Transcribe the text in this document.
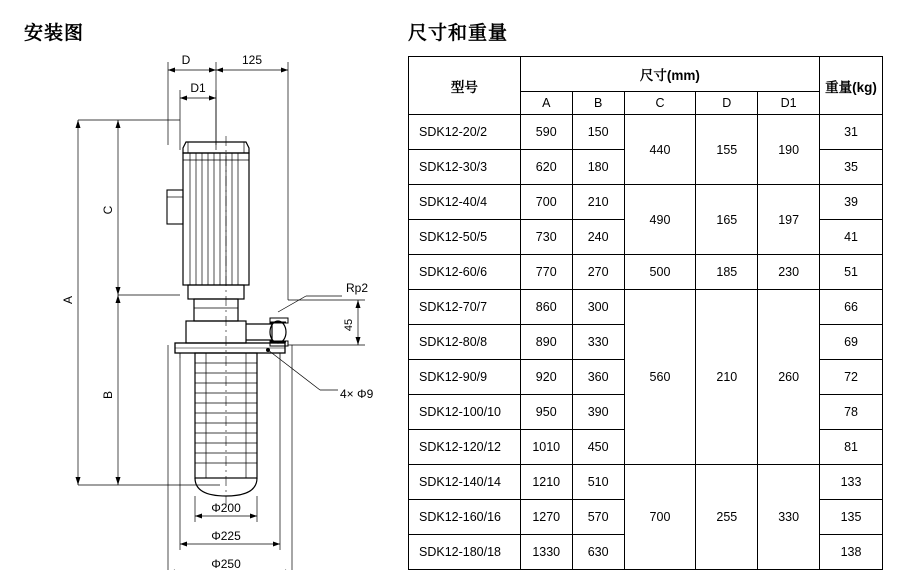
安装图	尺寸和重量
D	125
D1
A
C
B
Rp2
4× Φ9
45
Φ200
Φ225
Φ250
型号	尺寸(mm)					重量(kg)
	A	B	C	D	D1	
SDK12-20/2	590	150	440	155	190	31
SDK12-30/3	620	180				35
SDK12-40/4	700	210	490	165	197	39
SDK12-50/5	730	240				41
SDK12-60/6	770	270	500	185	230	51
SDK12-70/7	860	300	560	210	260	66
SDK12-80/8	890	330				69
SDK12-90/9	920	360				72
SDK12-100/10	950	390				78
SDK12-120/12	1010	450				81
SDK12-140/14	1210	510	700	255	330	133
SDK12-160/16	1270	570				135
SDK12-180/18	1330	630				138
